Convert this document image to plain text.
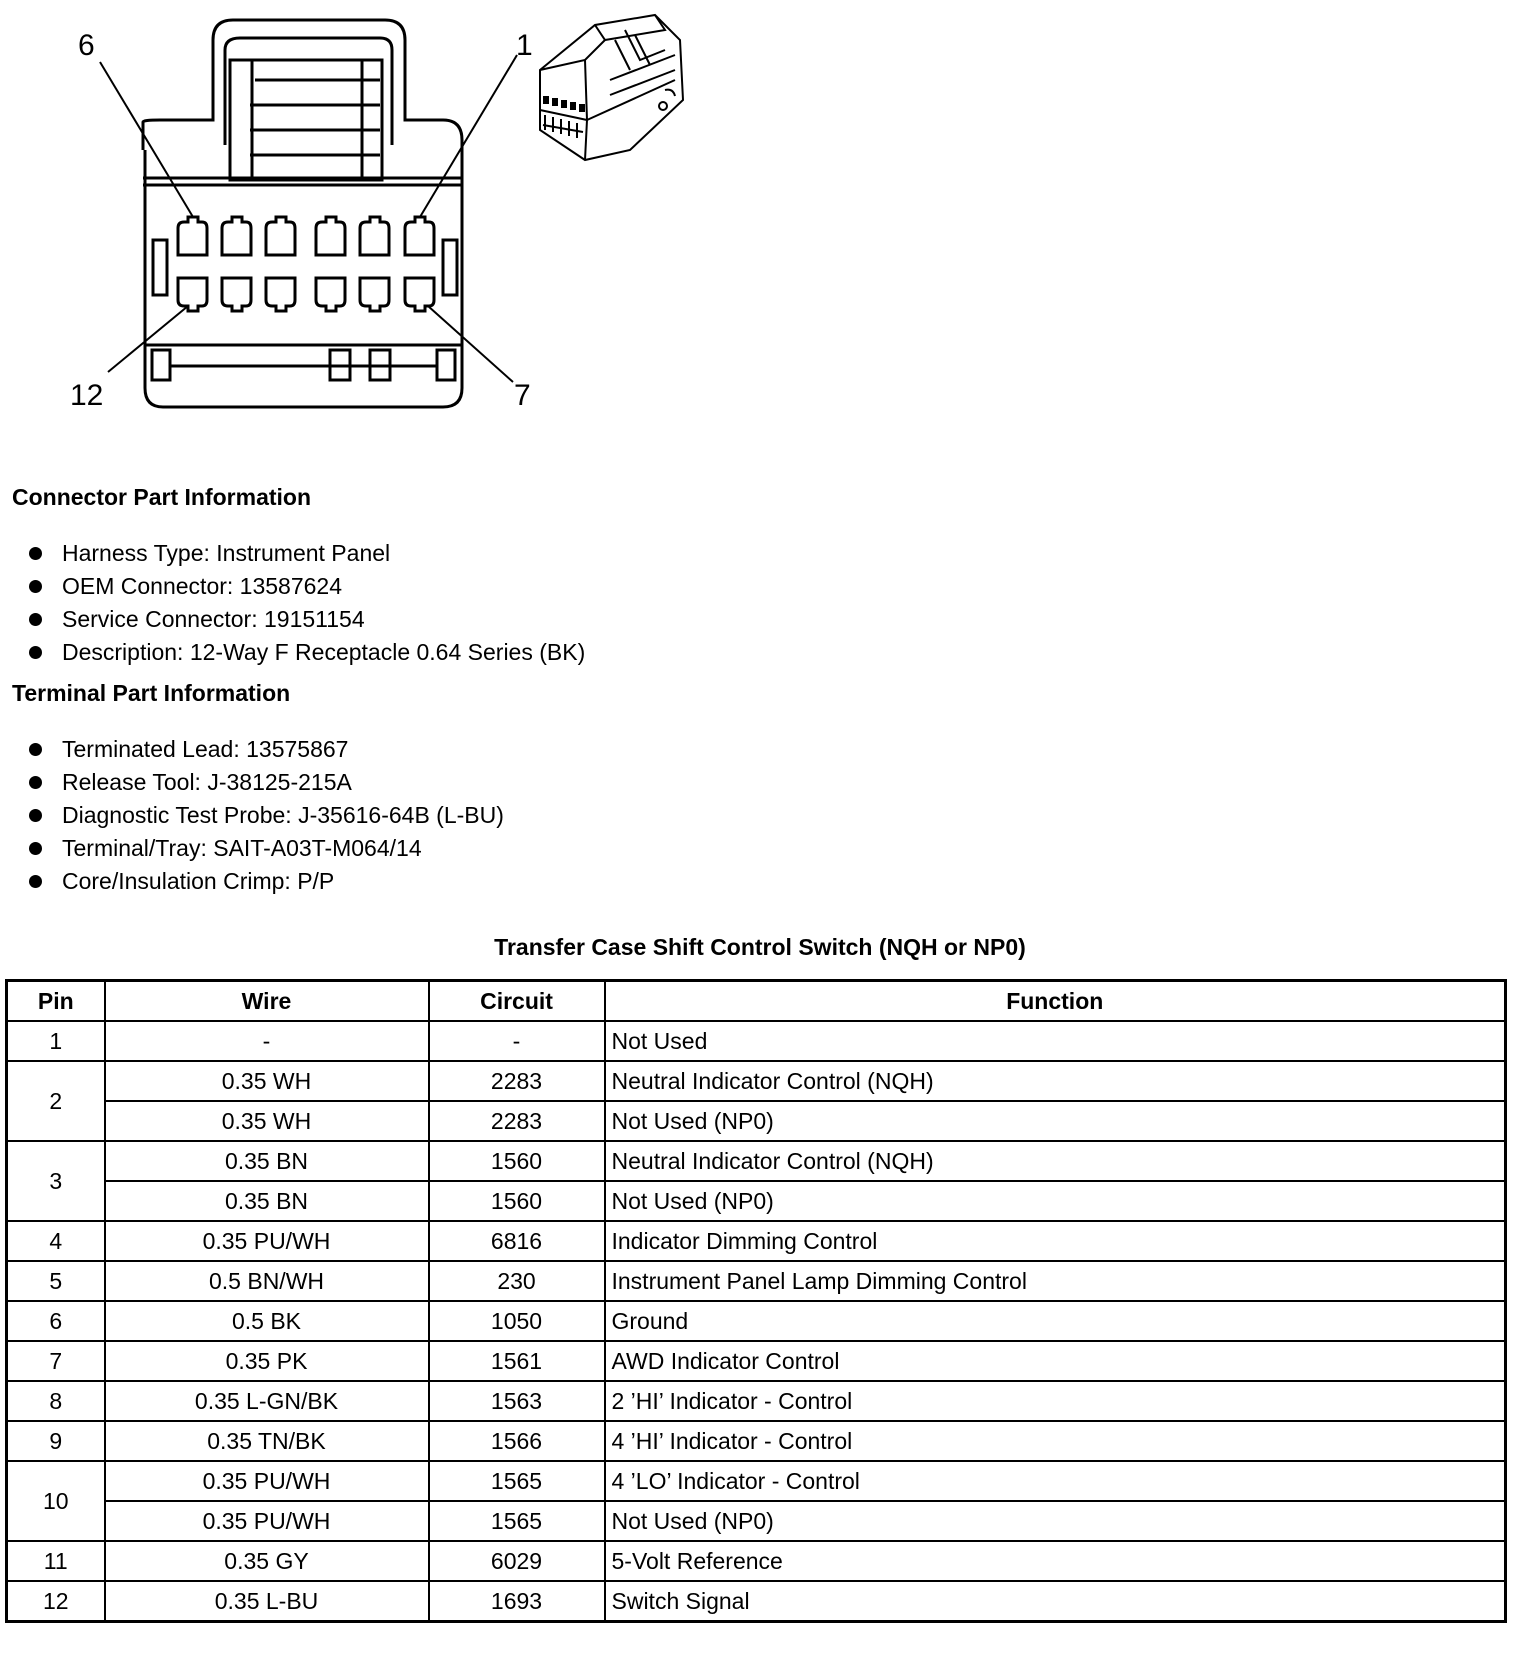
6	1
12	7
Connector Part Information
Harness Type: Instrument Panel
OEM Connector: 13587624
Service Connector: 19151154
Description: 12-Way F Receptacle 0.64 Series (BK)
Terminal Part Information
Terminated Lead: 13575867
Release Tool: J-38125-215A
Diagnostic Test Probe: J-35616-64B (L-BU)
Terminal/Tray: SAIT-A03T-M064/14
Core/Insulation Crimp: P/P
Transfer Case Shift Control Switch (NQH or NP0)
Pin	Wire	Circuit	Function
1	-	-	Not Used
2	0.35 WH	2283	Neutral Indicator Control (NQH)
	0.35 WH	2283	Not Used (NP0)
3	0.35 BN	1560	Neutral Indicator Control (NQH)
	0.35 BN	1560	Not Used (NP0)
4	0.35 PU/WH	6816	Indicator Dimming Control
5	0.5 BN/WH	230	Instrument Panel Lamp Dimming Control
6	0.5 BK	1050	Ground
7	0.35 PK	1561	AWD Indicator Control
8	0.35 L-GN/BK	1563	2 ’HI’ Indicator - Control
9	0.35 TN/BK	1566	4 ’HI’ Indicator - Control
10	0.35 PU/WH	1565	4 ’LO’ Indicator - Control
	0.35 PU/WH	1565	Not Used (NP0)
11	0.35 GY	6029	5-Volt Reference
12	0.35 L-BU	1693	Switch Signal
